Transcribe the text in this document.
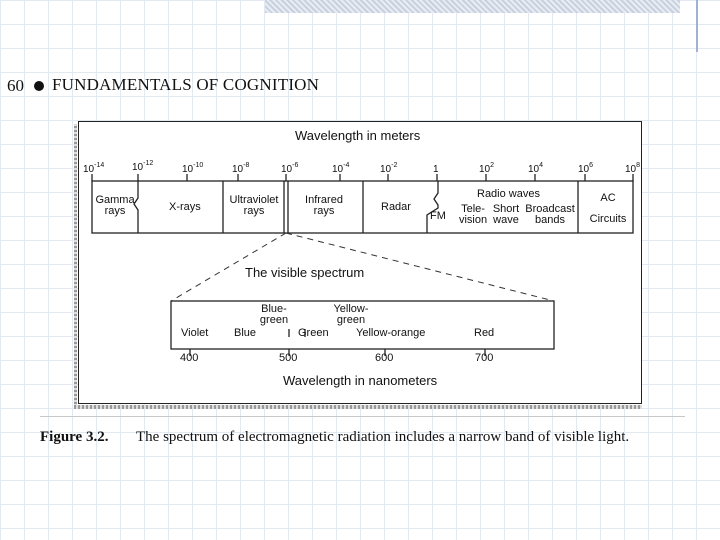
60 FUNDAMENTALS OF COGNITION
Wavelength in meters
$10^{-14}$	$10^{-12}$
$10^{-10}$	$10^{-8}$	$10^{-6}$	$10^{-4}$	$10^{-2}$	1	$10^2$	$10^4$	$10^6$	$10^8$
Gamma
rays	X-rays
Ultraviolet
rays
Infrared
rays	Radar
Radio waves
FM
Tele-
vision
Short
wave
Broadcast
bands
AC
Circuits
The visible spectrum
Violet Blue
Blue-
green
Green
Yellow-
green
Yellow-orange	Red
400	500	600	700
Wavelength in nanometers
Figure 3.2. The spectrum of electromagnetic radiation includes a narrow band of visible light.
